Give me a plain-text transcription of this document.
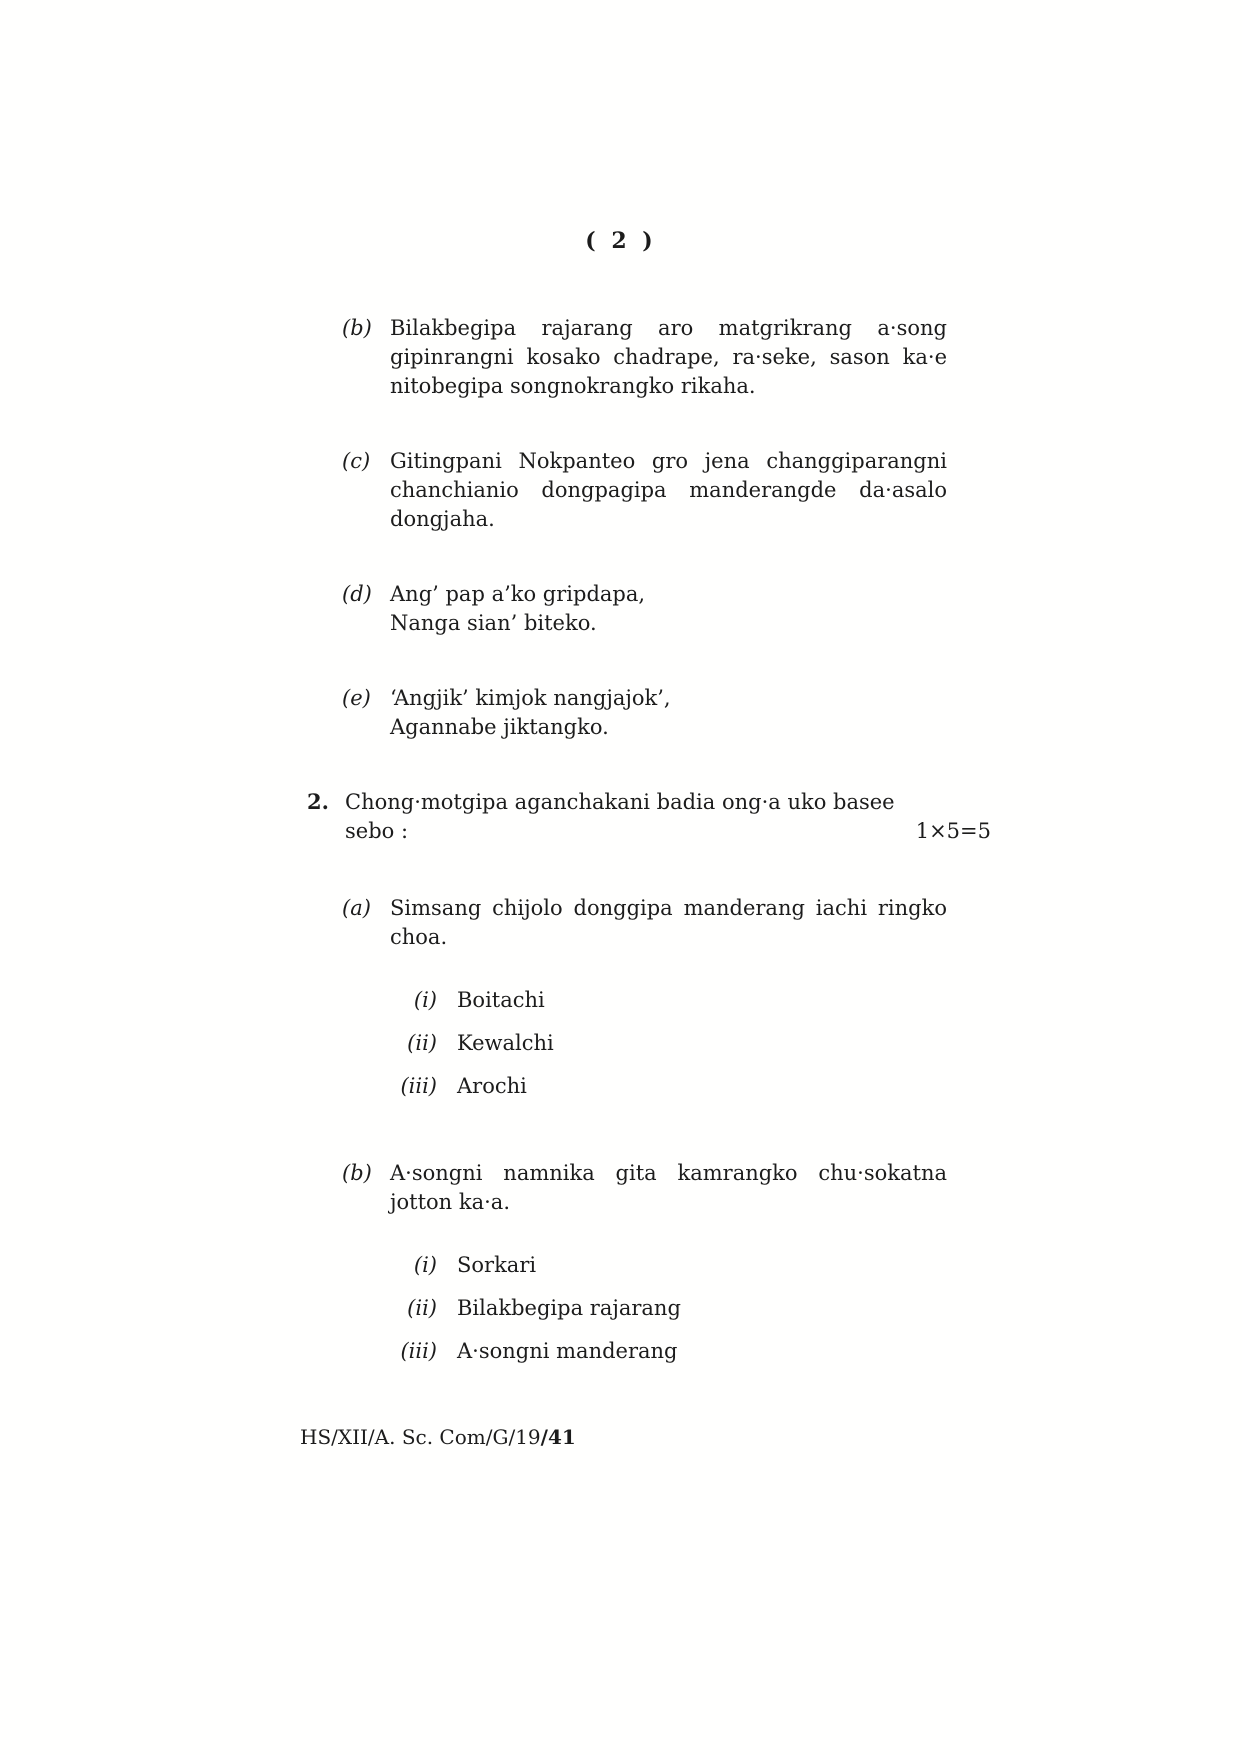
( 2 )
(b) Bilakbegipa rajarang aro matgrikrang a·song gipinrangni kosako chadrape, ra·seke, sason ka·e nitobegipa songnokrangko rikaha.
(c) Gitingpani Nokpanteo gro jena changgiparangni chanchianio dongpagipa manderangde da·asalo dongjaha.
(d) Ang’ pap a’ko gripdapa,
Nanga sian’ biteko.
(e) ‘Angjik’ kimjok nangjajok’,
Agannabe jiktangko.
2. Chong·motgipa aganchakani badia ong·a uko basee
sebo :	1×5=5
(a) Simsang chijolo donggipa manderang iachi ringko choa.
(i) Boitachi
(ii) Kewalchi
(iii) Arochi
(b) A·songni namnika gita kamrangko chu·sokatna jotton ka·a.
(i) Sorkari
(ii) Bilakbegipa rajarang
(iii) A·songni manderang
HS/XII/A. Sc. Com/G/19/41
